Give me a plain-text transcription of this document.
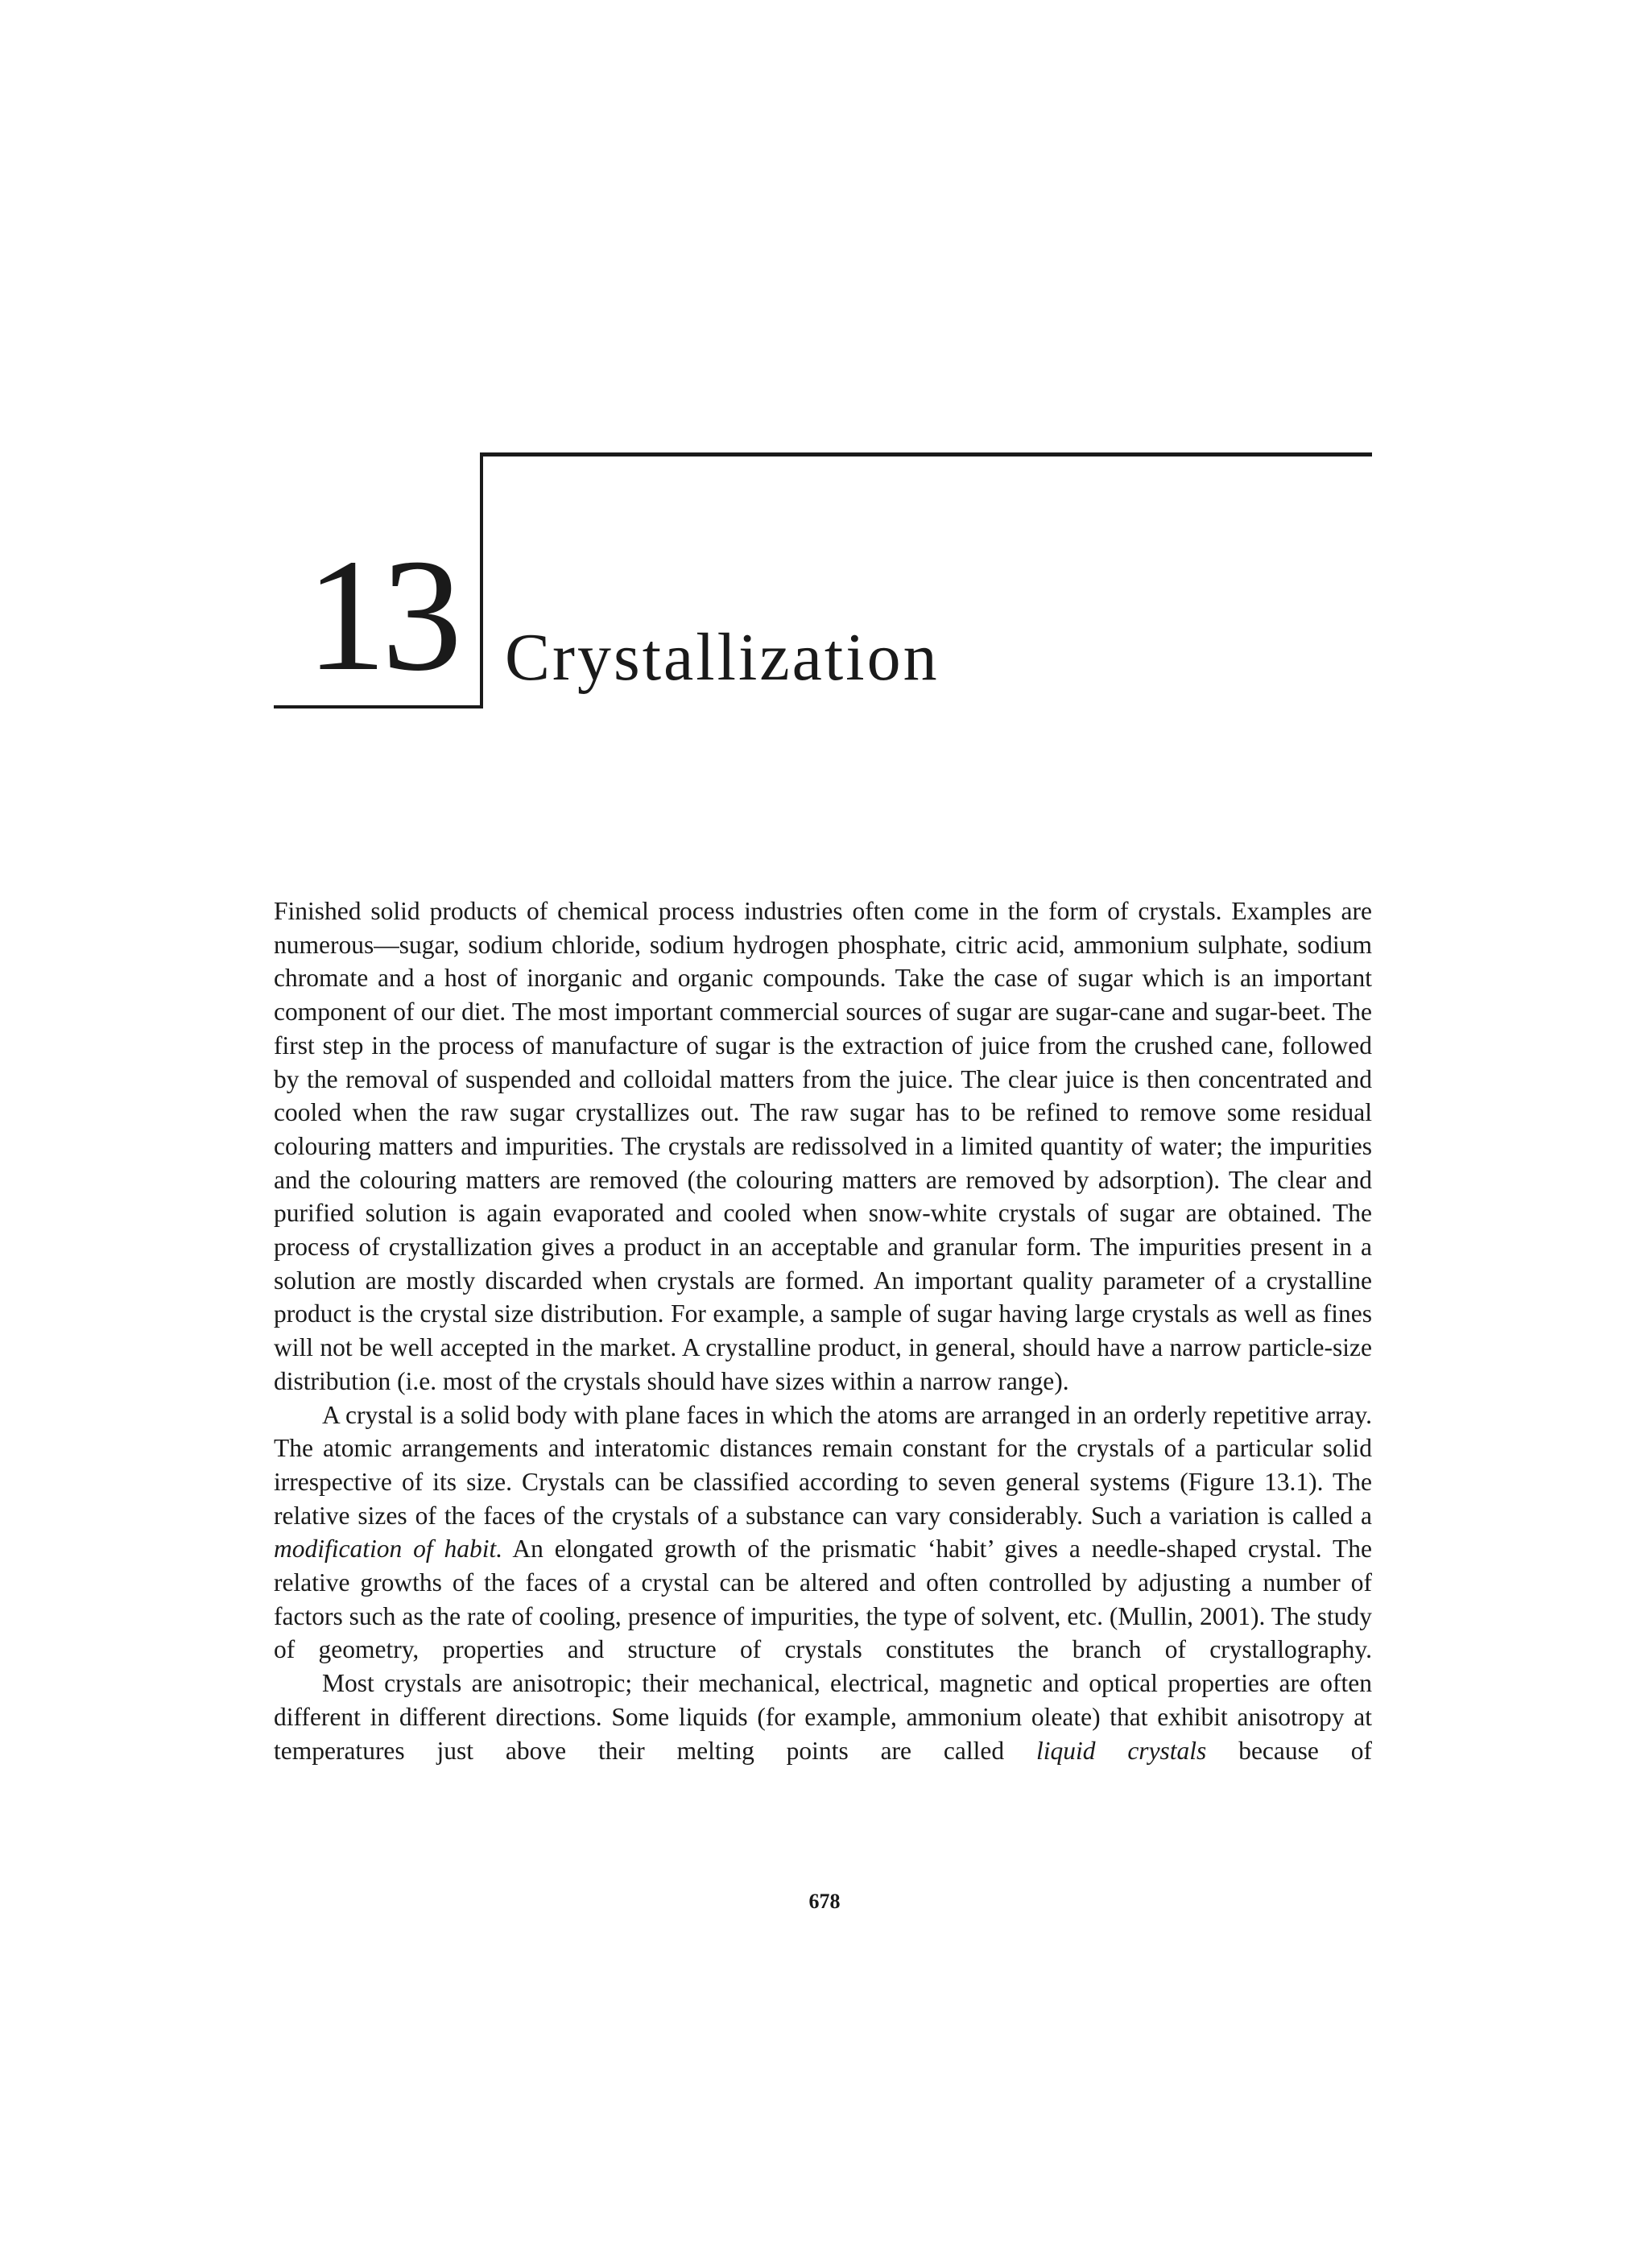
13 Crystallization

Finished solid products of chemical process industries often come in the form of crystals. Examples are numerous—sugar, sodium chloride, sodium hydrogen phosphate, citric acid, ammonium sulphate, sodium chromate and a host of inorganic and organic compounds. Take the case of sugar which is an important component of our diet. The most important commercial sources of sugar are sugar-cane and sugar-beet. The first step in the process of manufacture of sugar is the extraction of juice from the crushed cane, followed by the removal of suspended and colloidal matters from the juice. The clear juice is then concentrated and cooled when the raw sugar crystallizes out. The raw sugar has to be refined to remove some residual colouring matters and impurities. The crystals are redissolved in a limited quantity of water; the impurities and the colouring matters are removed (the colouring matters are removed by adsorption). The clear and purified solution is again evaporated and cooled when snow-white crystals of sugar are obtained. The process of crystallization gives a product in an acceptable and granular form. The impurities present in a solution are mostly discarded when crystals are formed. An important quality parameter of a crystalline product is the crystal size distribution. For example, a sample of sugar having large crystals as well as fines will not be well accepted in the market. A crystalline product, in general, should have a narrow particle-size distribution (i.e. most of the crystals should have sizes within a narrow range).

A crystal is a solid body with plane faces in which the atoms are arranged in an orderly repetitive array. The atomic arrangements and interatomic distances remain constant for the crystals of a particular solid irrespective of its size. Crystals can be classified according to seven general systems (Figure 13.1). The relative sizes of the faces of the crystals of a substance can vary considerably. Such a variation is called a modification of habit. An elongated growth of the prismatic ‘habit’ gives a needle-shaped crystal. The relative growths of the faces of a crystal can be altered and often controlled by adjusting a number of factors such as the rate of cooling, presence of impurities, the type of solvent, etc. (Mullin, 2001). The study of geometry, properties and structure of crystals constitutes the branch of crystallography.

Most crystals are anisotropic; their mechanical, electrical, magnetic and optical properties are often different in different directions. Some liquids (for example, ammonium oleate) that exhibit anisotropy at temperatures just above their melting points are called liquid crystals because of

678
